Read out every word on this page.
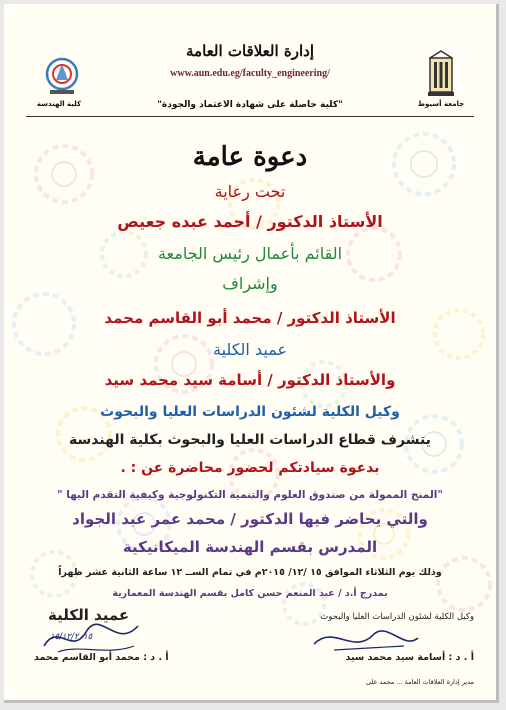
كلية الهندسة	جامعة أسيوط
إدارة العلاقات العامة
www.aun.edu.eg/faculty_engineering/
"كلية حاصلة على شهادة الاعتماد والجودة"
دعوة عامة
تحت رعاية
الأستاذ الدكتور / أحمد عبده جعيص
القائم بأعمال رئيس الجامعة
وإشراف
الأستاذ الدكتور / محمد أبو القاسم محمد
عميد الكلية
والأستاذ الدكتور / أسامة سيد محمد سيد
وكيل الكلية لشئون الدراسات العليا والبحوث
يتشرف قطاع الدراسات العليا والبحوث بكلية الهندسة
بدعوة سيادتكم لحضور محاضرة عن : .
"المنح الممولة من صندوق العلوم والتنمية التكنولوجية وكيفية التقدم اليها "
والتي يحاضر فيها الدكتور / محمد عمر عبد الجواد
المدرس بقسم الهندسة الميكانيكية
وذلك يوم الثلاثاء الموافق ١٥ /١٢/ ٢٠١٥م في تمام الســ ١٢ ساعة الثانية عشر ظهراً
بمدرج أ.د / عبد المنعم حسن كامل بقسم الهندسة المعمارية
عميد الكلية
١٥/١٢/٢٠١٥
أ . د : محمد أبو القاسم محمد
وكيل الكلية لشئون الدراسات العليا والبحوث
أ . د : أسامة سيد محمد سيد
مدير إدارة العلاقات العامة ... محمد على
